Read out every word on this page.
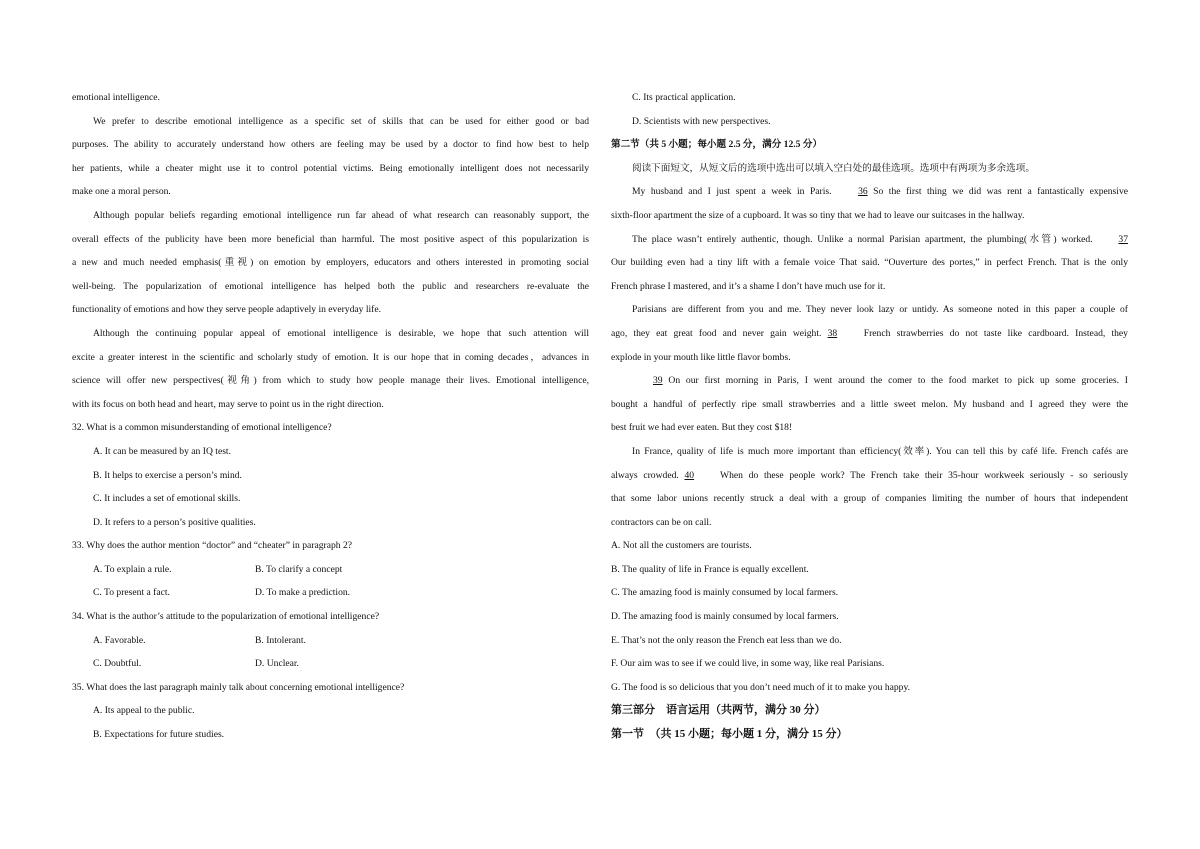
emotional intelligence.
We prefer to describe emotional intelligence as a specific set of skills that can be used for either good or bad
purposes. The ability to accurately understand how others are feeling may be used by a doctor to find how best to help
her patients, while a cheater might use it to control potential victims. Being emotionally intelligent does not necessarily
make one a moral person.
Although popular beliefs regarding emotional intelligence run far ahead of what research can reasonably support, the
overall effects of the publicity have been more beneficial than harmful. The most positive aspect of this popularization is
a new and much needed emphasis(重视) on emotion by employers, educators and others interested in promoting social
well-being. The popularization of emotional intelligence has helped both the public and researchers re-evaluate the
functionality of emotions and how they serve people adaptively in everyday life.
Although the continuing popular appeal of emotional intelligence is desirable, we hope that such attention will
excite a greater interest in the scientific and scholarly study of emotion. It is our hope that in coming decades，advances in
science will offer new perspectives(视角) from which to study how people manage their lives. Emotional intelligence,
with its focus on both head and heart, may serve to point us in the right direction.
32. What is a common misunderstanding of emotional intelligence?
A. It can be measured by an IQ test.
B. It helps to exercise a person’s mind.
C. It includes a set of emotional skills.
D. It refers to a person’s positive qualities.
33. Why does the author mention “doctor” and “cheater” in paragraph 2?
A. To explain a rule.	B. To clarify a concept
C. To present a fact.	D. To make a prediction.
34. What is the author’s attitude to the popularization of emotional intelligence?
A. Favorable.	B. Intolerant.
C. Doubtful.	D. Unclear.
35. What does the last paragraph mainly talk about concerning emotional intelligence?
A. Its appeal to the public.
B. Expectations for future studies.
C. Its practical application.
D. Scientists with new perspectives.
第二节（共 5 小题；每小题 2.5 分，满分 12.5 分）
阅读下面短文，从短文后的选项中选出可以填入空白处的最佳选项。选项中有两项为多余选项。
My husband and I just spent a week in Paris.	36 So the first thing we did was rent a fantastically expensive
sixth-floor apartment the size of a cupboard. It was so tiny that we had to leave our suitcases in the hallway.
The place wasn’t entirely authentic, though. Unlike a normal Parisian apartment, the plumbing(水管) worked.	37
Our building even had a tiny lift with a female voice That said. “Ouverture des portes,” in perfect French. That is the only
French phrase I mastered, and it’s a shame I don’t have much use for it.
Parisians are different from you and me. They never look lazy or untidy. As someone noted in this paper a couple of
ago, they eat great food and never gain weight. 38	French strawberries do not taste like cardboard. Instead, they
explode in your mouth like little flavor bombs.
39 On our first morning in Paris, I went around the comer to the food market to pick up some groceries. I
bought a handful of perfectly ripe small strawberries and a little sweet melon. My husband and I agreed they were the
best fruit we had ever eaten. But they cost $18!
In France, quality of life is much more important than efficiency(效率). You can tell this by café life. French cafés are
always crowded. 40	When do these people work? The French take their 35-hour workweek seriously - so seriously
that some labor unions recently struck a deal with a group of companies limiting the number of hours that independent
contractors can be on call.
A. Not all the customers are tourists.
B. The quality of life in France is equally excellent.
C. The amazing food is mainly consumed by local farmers.
D. The amazing food is mainly consumed by local farmers.
E. That’s not the only reason the French eat less than we do.
F. Our aim was to see if we could live, in some way, like real Parisians.
G. The food is so delicious that you don’t need much of it to make you happy.
第三部分　语言运用（共两节，满分 30 分）
第一节　（共 15 小题；每小题 1 分，满分 15 分）
